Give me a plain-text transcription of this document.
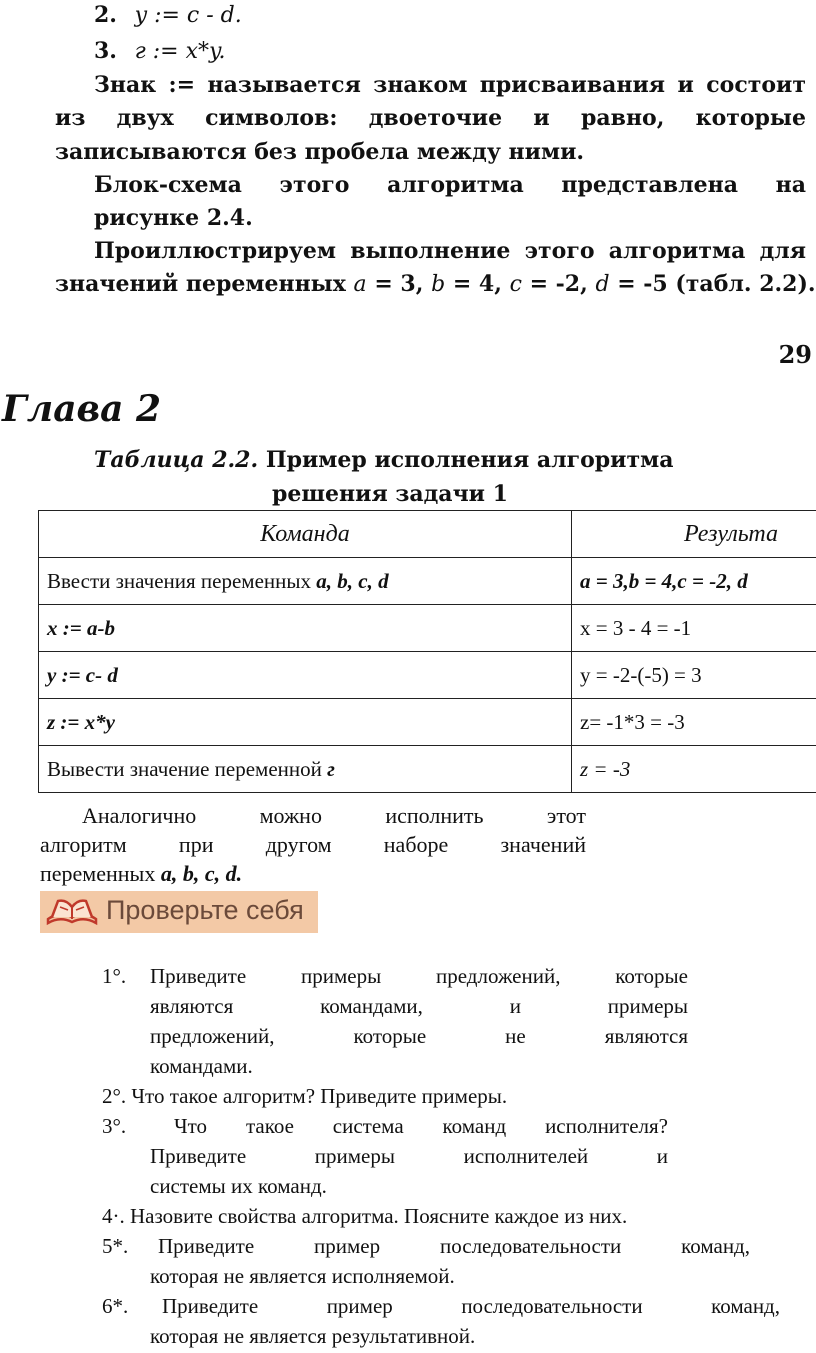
2. y := c - d.
3. г := x*y.
Знак := называется знаком присваивания и состоит
из двух символов: двоеточие и равно, которые
записываются без пробела между ними.
Блок-схема этого алгоритма представлена на
рисунке 2.4.
Проиллюстрируем выполнение этого алгоритма для
значений переменных a = 3, b = 4, c = -2, d = -5 (табл. 2.2).
29
Глава 2
Таблица 2.2. Пример исполнения алгоритма
решения задачи 1
Команда	Результа
Ввести значения переменных a, b, c, d	a = 3,b = 4,c = -2, d
x := a-b	x = 3 - 4 = -1
y := c- d	y = -2-(-5) = 3
z := x*y	z= -1*3 = -3
Вывести значение переменной г	z = -3
Аналогично можно исполнить этот
алгоритм при другом наборе значений
переменных a, b, c, d.
Проверьте себя
1°. Приведите примеры предложений, которые
являются командами, и примеры
предложений, которые не являются
командами.
2°. Что такое алгоритм? Приведите примеры.
3°. Что такое система команд исполнителя?
Приведите примеры исполнителей и
системы их команд.
4·. Назовите свойства алгоритма. Поясните каждое из них.
5*. Приведите пример последовательности команд,
которая не является исполняемой.
6*. Приведите пример последовательности команд,
которая не является результативной.
